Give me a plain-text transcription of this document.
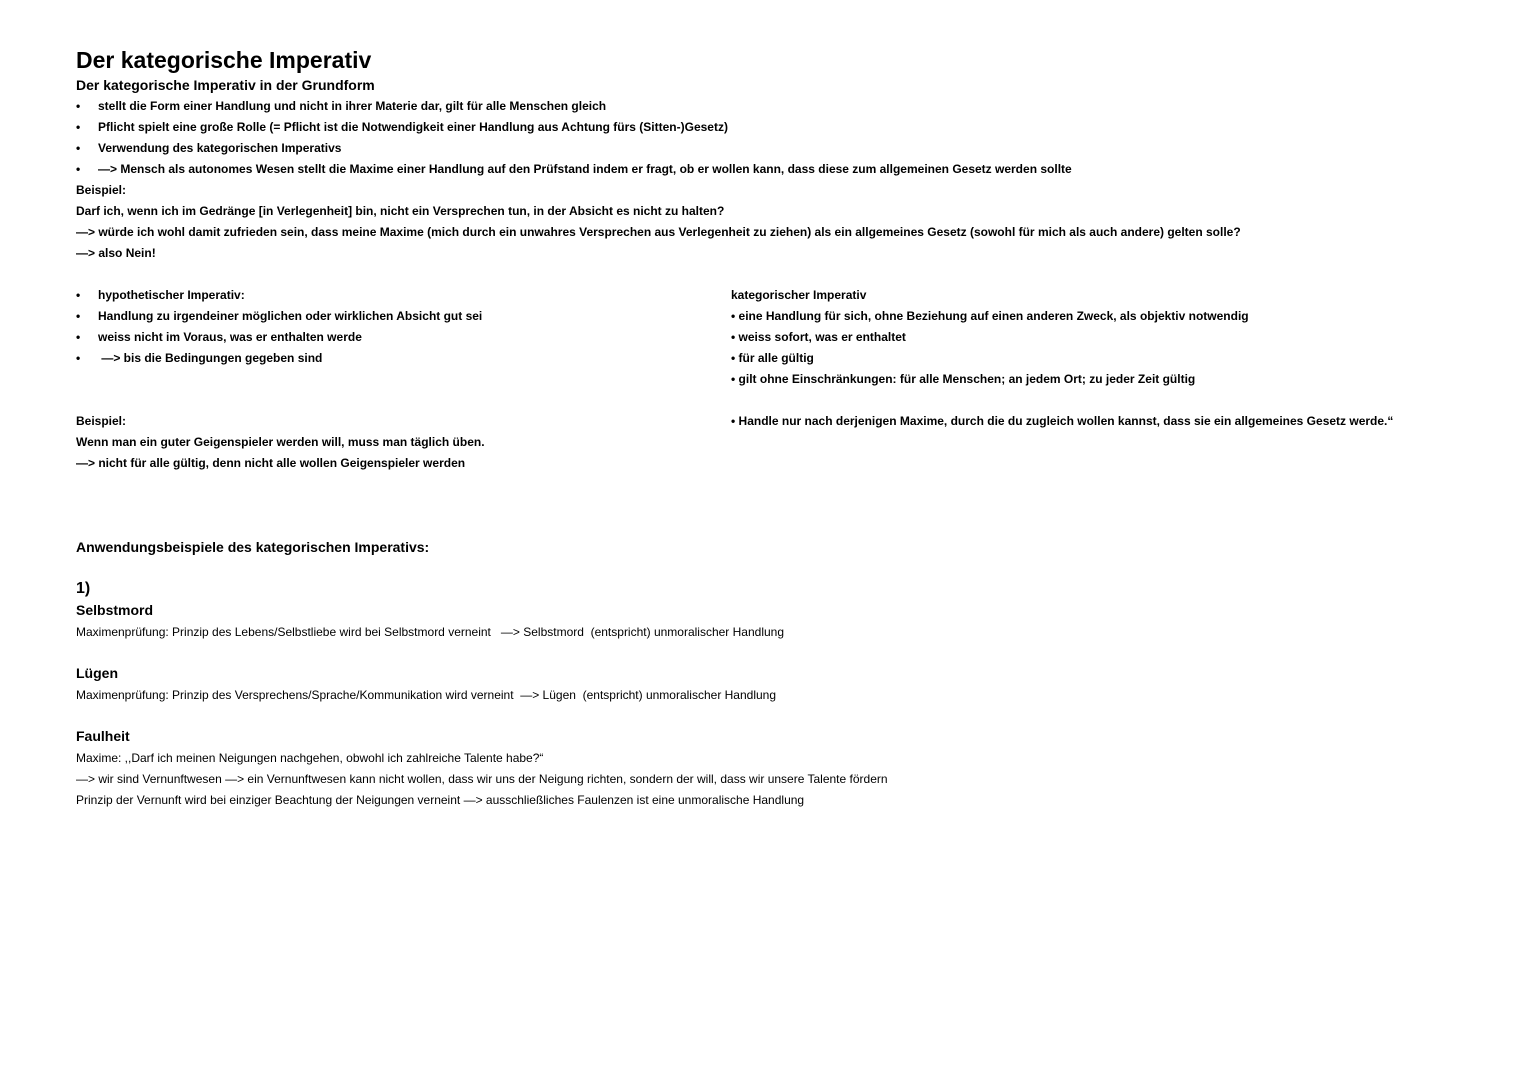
Der kategorische Imperativ
Der kategorische Imperativ in der Grundform
• stellt die Form einer Handlung und nicht in ihrer Materie dar, gilt für alle Menschen gleich
• Pflicht spielt eine große Rolle (= Pflicht ist die Notwendigkeit einer Handlung aus Achtung fürs (Sitten-)Gesetz)
• Verwendung des kategorischen Imperativs
• —> Mensch als autonomes Wesen stellt die Maxime einer Handlung auf den Prüfstand indem er fragt, ob er wollen kann, dass diese zum allgemeinen Gesetz werden sollte
Beispiel:
Darf ich, wenn ich im Gedränge [in Verlegenheit] bin, nicht ein Versprechen tun, in der Absicht es nicht zu halten?
—> würde ich wohl damit zufrieden sein, dass meine Maxime (mich durch ein unwahres Versprechen aus Verlegenheit zu ziehen) als ein allgemeines Gesetz (sowohl für mich als auch andere) gelten solle?
—> also Nein!
• hypothetischer Imperativ:
• Handlung zu irgendeiner möglichen oder wirklichen Absicht gut sei
• weiss nicht im Voraus, was er enthalten werde
• —> bis die Bedingungen gegeben sind
Beispiel:
Wenn man ein guter Geigenspieler werden will, muss man täglich üben.
—> nicht für alle gültig, denn nicht alle wollen Geigenspieler werden
kategorischer Imperativ
• eine Handlung für sich, ohne Beziehung auf einen anderen Zweck, als objektiv notwendig
• weiss sofort, was er enthaltet
• für alle gültig
• gilt ohne Einschränkungen: für alle Menschen; an jedem Ort; zu jeder Zeit gültig
• Handle nur nach derjenigen Maxime, durch die du zugleich wollen kannst, dass sie ein allgemeines Gesetz werde.“
Anwendungsbeispiele des kategorischen Imperativs:
1)
Selbstmord
Maximenprüfung: Prinzip des Lebens/Selbstliebe wird bei Selbstmord verneint   —> Selbstmord  (entspricht) unmoralischer Handlung
Lügen
Maximenprüfung: Prinzip des Versprechens/Sprache/Kommunikation wird verneint  —> Lügen  (entspricht) unmoralischer Handlung
Faulheit
Maxime: ,,Darf ich meinen Neigungen nachgehen, obwohl ich zahlreiche Talente habe?“
—> wir sind Vernunftwesen —> ein Vernunftwesen kann nicht wollen, dass wir uns der Neigung richten, sondern der will, dass wir unsere Talente fördern
Prinzip der Vernunft wird bei einziger Beachtung der Neigungen verneint —> ausschließliches Faulenzen ist eine unmoralische Handlung
